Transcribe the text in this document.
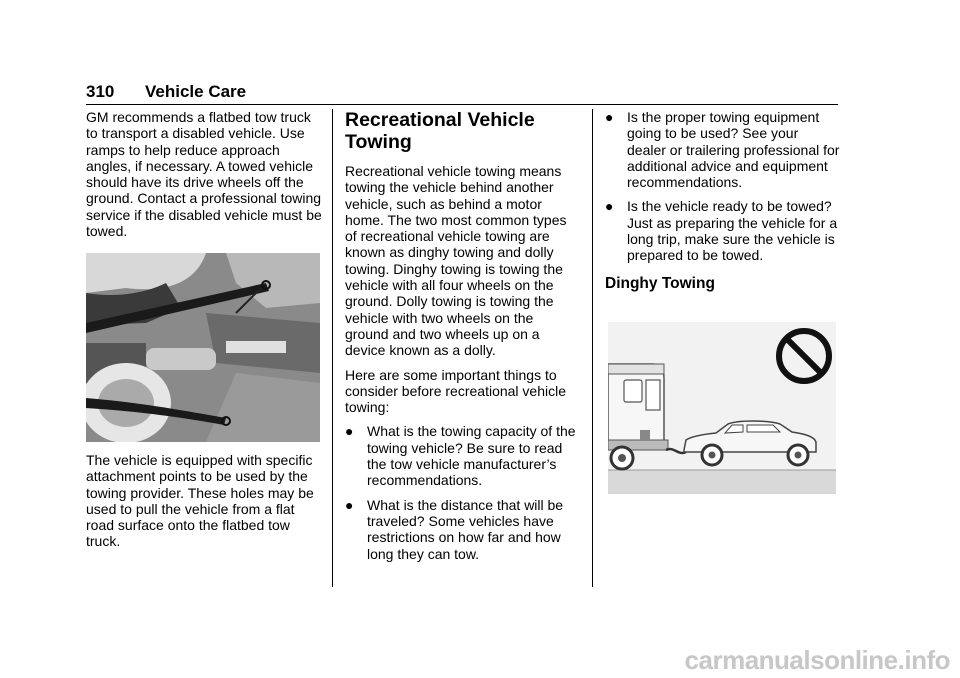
310 Vehicle Care

GM recommends a flatbed tow truck to transport a disabled vehicle. Use ramps to help reduce approach angles, if necessary. A towed vehicle should have its drive wheels off the ground. Contact a professional towing service if the disabled vehicle must be towed.

The vehicle is equipped with specific attachment points to be used by the towing provider. These holes may be used to pull the vehicle from a flat road surface onto the flatbed tow truck.

Recreational Vehicle Towing

Recreational vehicle towing means towing the vehicle behind another vehicle, such as behind a motor home. The two most common types of recreational vehicle towing are known as dinghy towing and dolly towing. Dinghy towing is towing the vehicle with all four wheels on the ground. Dolly towing is towing the vehicle with two wheels on the ground and two wheels up on a device known as a dolly.

Here are some important things to consider before recreational vehicle towing:

● What is the towing capacity of the towing vehicle? Be sure to read the tow vehicle manufacturer’s recommendations.
● What is the distance that will be traveled? Some vehicles have restrictions on how far and how long they can tow.
● Is the proper towing equipment going to be used? See your dealer or trailering professional for additional advice and equipment recommendations.
● Is the vehicle ready to be towed? Just as preparing the vehicle for a long trip, make sure the vehicle is prepared to be towed.
Dinghy Towing
carmanualsonline.info
